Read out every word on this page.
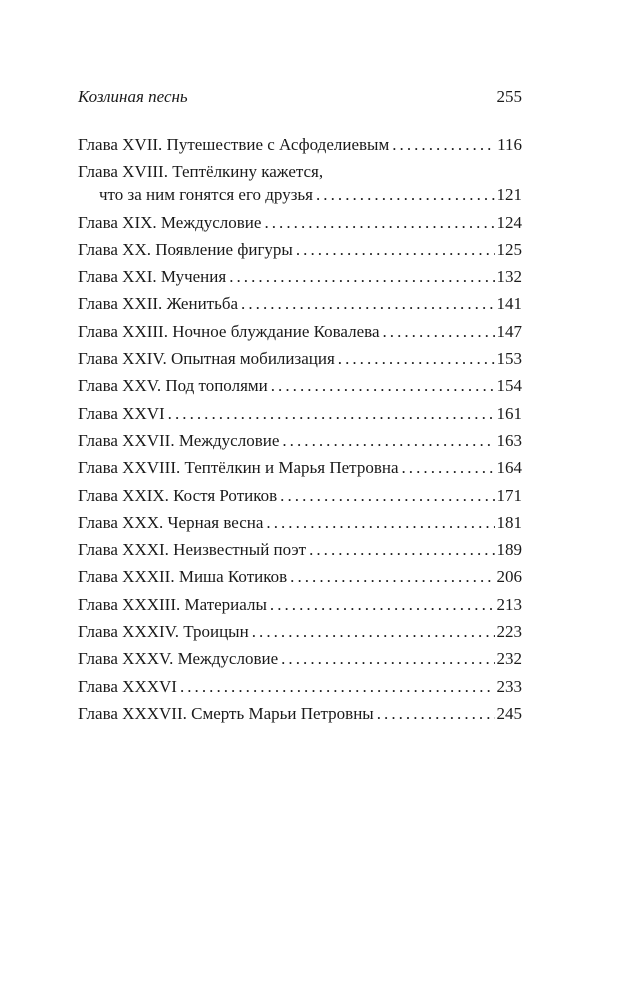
Козлиная песнь	255
Глава XVII. Путешествие с Асфоделиевым . . .	116
Глава XVIII. Тептёлкину кажется,
что за ним гонятся его друзья . . .	121
Глава XIX. Междусловие . . .	124
Глава XX. Появление фигуры . . .	125
Глава XXI. Мучения . . .	132
Глава XXII. Женитьба . . .	141
Глава XXIII. Ночное блуждание Ковалева . . .	147
Глава XXIV. Опытная мобилизация . . .	153
Глава XXV. Под тополями . . .	154
Глава XXVI . . .	161
Глава XXVII. Междусловие . . .	163
Глава XXVIII. Тептёлкин и Марья Петровна . . .	164
Глава XXIX. Костя Ротиков . . .	171
Глава XXX. Черная весна . . .	181
Глава XXXI. Неизвестный поэт . . .	189
Глава XXXII. Миша Котиков . . .	206
Глава XXXIII. Материалы . . .	213
Глава XXXIV. Троицын . . .	223
Глава XXXV. Междусловие . . .	232
Глава XXXVI . . .	233
Глава XXXVII. Смерть Марьи Петровны . . .	245
